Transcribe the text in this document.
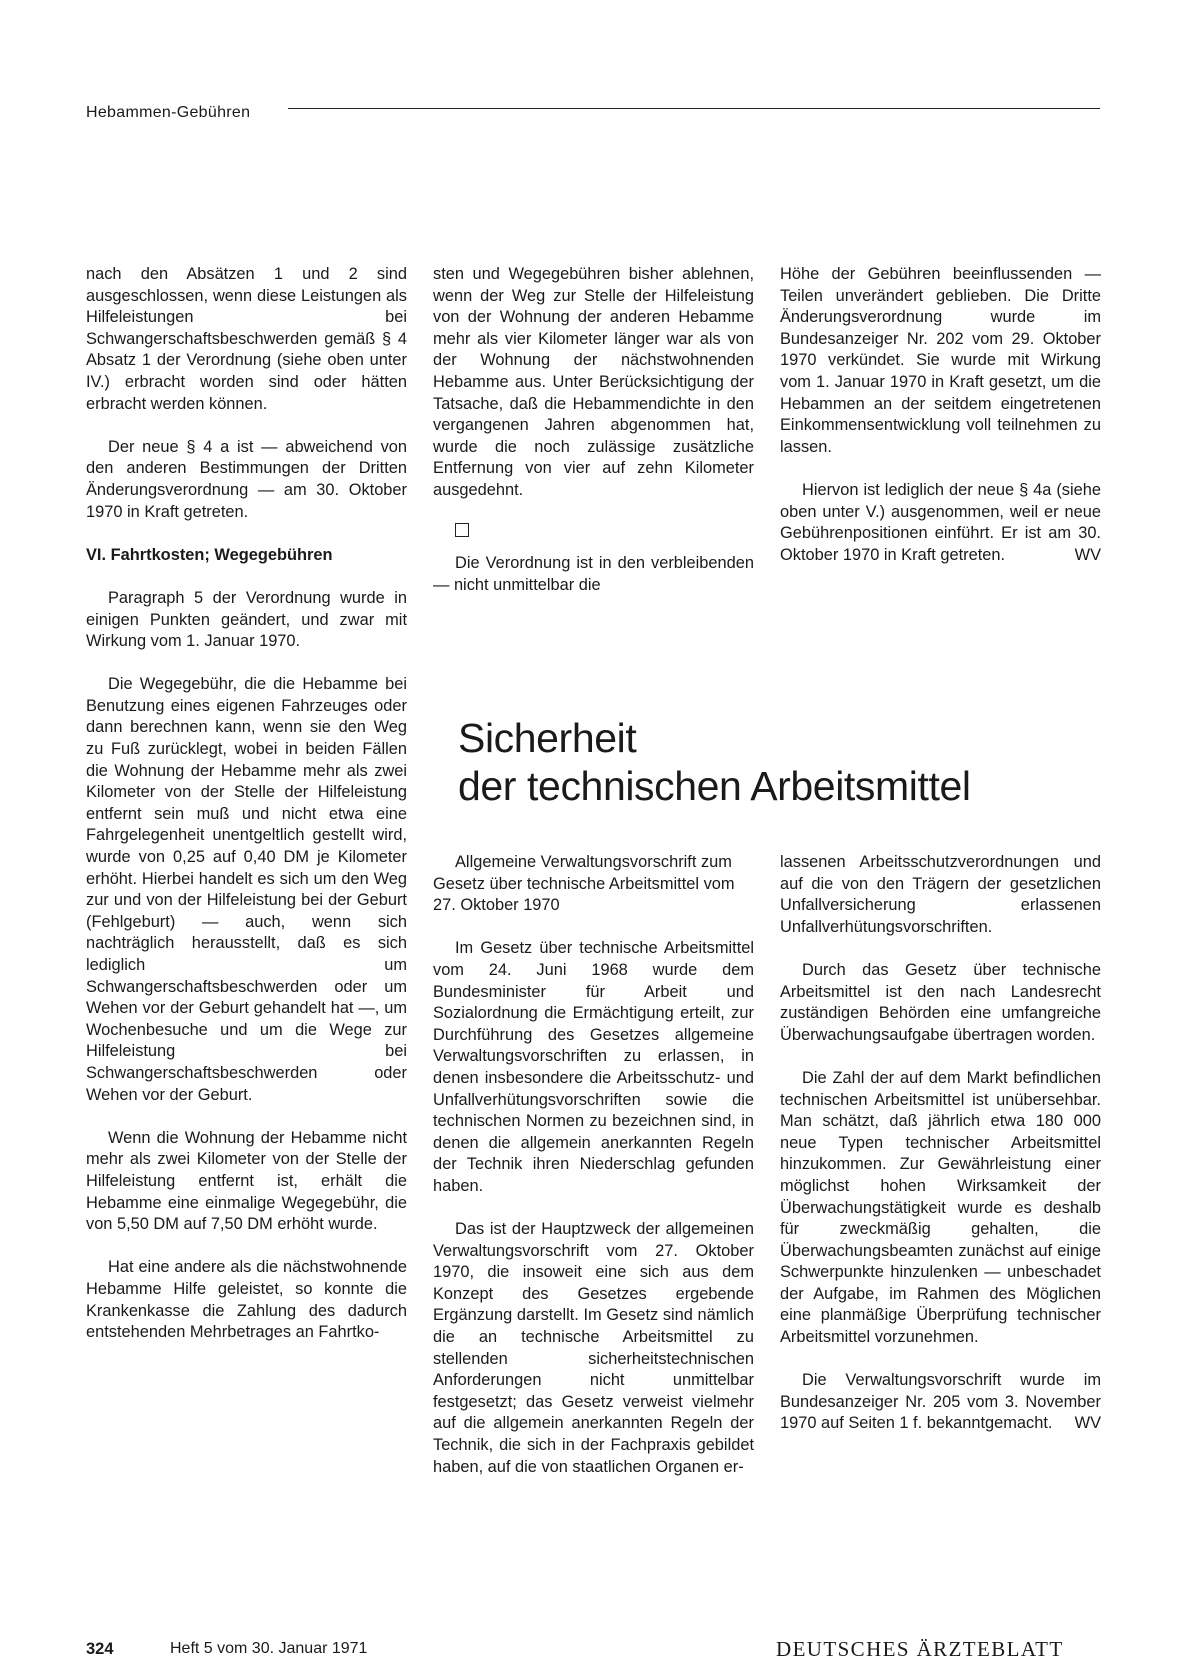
Hebammen-Gebühren

nach den Absätzen 1 und 2 sind ausgeschlossen, wenn diese Leistungen als Hilfeleistungen bei Schwangerschaftsbeschwerden gemäß § 4 Absatz 1 der Verordnung (siehe oben unter IV.) erbracht worden sind oder hätten erbracht werden können.

Der neue § 4 a ist — abweichend von den anderen Bestimmungen der Dritten Änderungsverordnung — am 30. Oktober 1970 in Kraft getreten.

VI. Fahrtkosten; Wegegebühren

Paragraph 5 der Verordnung wurde in einigen Punkten geändert, und zwar mit Wirkung vom 1. Januar 1970.

Die Wegegebühr, die die Hebamme bei Benutzung eines eigenen Fahrzeuges oder dann berechnen kann, wenn sie den Weg zu Fuß zurücklegt, wobei in beiden Fällen die Wohnung der Hebamme mehr als zwei Kilometer von der Stelle der Hilfeleistung entfernt sein muß und nicht etwa eine Fahrgelegenheit unentgeltlich gestellt wird, wurde von 0,25 auf 0,40 DM je Kilometer erhöht. Hierbei handelt es sich um den Weg zur und von der Hilfeleistung bei der Geburt (Fehlgeburt) — auch, wenn sich nachträglich herausstellt, daß es sich lediglich um Schwangerschaftsbeschwerden oder um Wehen vor der Geburt gehandelt hat —, um Wochenbesuche und um die Wege zur Hilfeleistung bei Schwangerschaftsbeschwerden oder Wehen vor der Geburt.

Wenn die Wohnung der Hebamme nicht mehr als zwei Kilometer von der Stelle der Hilfeleistung entfernt ist, erhält die Hebamme eine einmalige Wegegebühr, die von 5,50 DM auf 7,50 DM erhöht wurde.

Hat eine andere als die nächstwohnende Hebamme Hilfe geleistet, so konnte die Krankenkasse die Zahlung des dadurch entstehenden Mehrbetrages an Fahrtko-

sten und Wegegebühren bisher ablehnen, wenn der Weg zur Stelle der Hilfeleistung von der Wohnung der anderen Hebamme mehr als vier Kilometer länger war als von der Wohnung der nächstwohnenden Hebamme aus. Unter Berücksichtigung der Tatsache, daß die Hebammendichte in den vergangenen Jahren abgenommen hat, wurde die noch zulässige zusätzliche Entfernung von vier auf zehn Kilometer ausgedehnt.

Die Verordnung ist in den verbleibenden — nicht unmittelbar die

Höhe der Gebühren beeinflussenden — Teilen unverändert geblieben. Die Dritte Änderungsverordnung wurde im Bundesanzeiger Nr. 202 vom 29. Oktober 1970 verkündet. Sie wurde mit Wirkung vom 1. Januar 1970 in Kraft gesetzt, um die Hebammen an der seitdem eingetretenen Einkommensentwicklung voll teilnehmen zu lassen.

Hiervon ist lediglich der neue § 4a (siehe oben unter V.) ausgenommen, weil er neue Gebührenpositionen einführt. Er ist am 30. Oktober 1970 in Kraft getreten.	WV

Sicherheit
der technischen Arbeitsmittel

Allgemeine Verwaltungsvorschrift zum Gesetz über technische Arbeitsmittel vom 27. Oktober 1970

Im Gesetz über technische Arbeitsmittel vom 24. Juni 1968 wurde dem Bundesminister für Arbeit und Sozialordnung die Ermächtigung erteilt, zur Durchführung des Gesetzes allgemeine Verwaltungsvorschriften zu erlassen, in denen insbesondere die Arbeitsschutz- und Unfallverhütungsvorschriften sowie die technischen Normen zu bezeichnen sind, in denen die allgemein anerkannten Regeln der Technik ihren Niederschlag gefunden haben.

Das ist der Hauptzweck der allgemeinen Verwaltungsvorschrift vom 27. Oktober 1970, die insoweit eine sich aus dem Konzept des Gesetzes ergebende Ergänzung darstellt. Im Gesetz sind nämlich die an technische Arbeitsmittel zu stellenden sicherheitstechnischen Anforderungen nicht unmittelbar festgesetzt; das Gesetz verweist vielmehr auf die allgemein anerkannten Regeln der Technik, die sich in der Fachpraxis gebildet haben, auf die von staatlichen Organen er-

lassenen Arbeitsschutzverordnungen und auf die von den Trägern der gesetzlichen Unfallversicherung erlassenen Unfallverhütungsvorschriften.

Durch das Gesetz über technische Arbeitsmittel ist den nach Landesrecht zuständigen Behörden eine umfangreiche Überwachungsaufgabe übertragen worden.

Die Zahl der auf dem Markt befindlichen technischen Arbeitsmittel ist unübersehbar. Man schätzt, daß jährlich etwa 180 000 neue Typen technischer Arbeitsmittel hinzukommen. Zur Gewährleistung einer möglichst hohen Wirksamkeit der Überwachungstätigkeit wurde es deshalb für zweckmäßig gehalten, die Überwachungsbeamten zunächst auf einige Schwerpunkte hinzulenken — unbeschadet der Aufgabe, im Rahmen des Möglichen eine planmäßige Überprüfung technischer Arbeitsmittel vorzunehmen.

Die Verwaltungsvorschrift wurde im Bundesanzeiger Nr. 205 vom 3. November 1970 auf Seiten 1 f. bekanntgemacht.	WV

324	Heft 5 vom 30. Januar 1971	DEUTSCHES ÄRZTEBLATT
